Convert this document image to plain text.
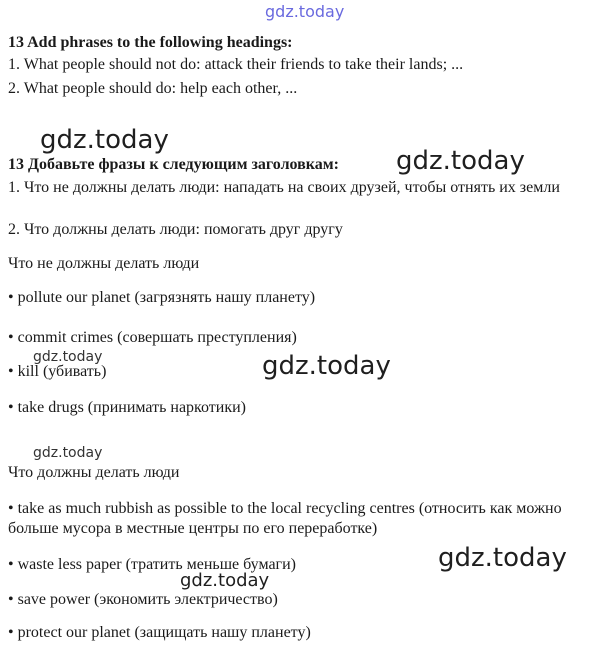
gdz.today
gdz.today
gdz.today
gdz.today	gdz.today
gdz.today
gdz.today
gdz.today
13 Add phrases to the following headings:
1. What people should not do: attack their friends to take their lands; ...
2. What people should do: help each other, ...
13 Добавьте фразы к следующим заголовкам:
1. Что не должны делать люди: нападать на своих друзей, чтобы отнять их земли
2. Что должны делать люди: помогать друг другу
Что не должны делать люди
• pollute our planet (загрязнять нашу планету)
• commit crimes (совершать преступления)
• kill (убивать)
• take drugs (принимать наркотики)
Что должны делать люди
• take as much rubbish as possible to the local recycling centres (относить как можно больше мусора в местные центры по его переработке)
• waste less paper (тратить меньше бумаги)
• save power (экономить электричество)
• protect our planet (защищать нашу планету)
